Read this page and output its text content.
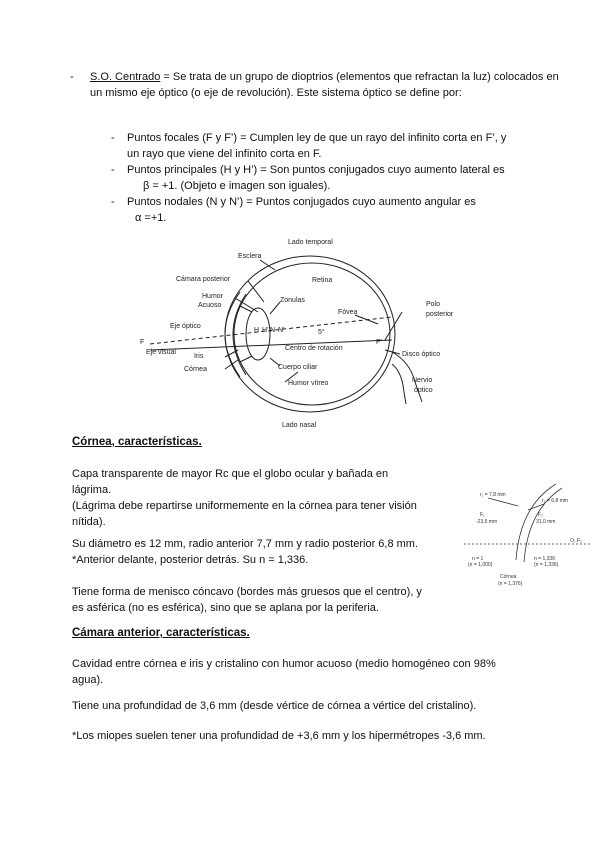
- S.O. Centrado = Se trata de un grupo de dioptrios (elementos que refractan la luz) colocados en un mismo eje óptico (o eje de revolución). Este sistema óptico se define por:
- Puntos focales (F y F’) = Cumplen ley de que un rayo del infinito corta en F’, y
un rayo que viene del infinito corta en F.
- Puntos principales (H y H’) = Son puntos conjugados cuyo aumento lateral es
β = +1. (Objeto e imagen son iguales).
- Puntos nodales (N y N’) = Puntos conjugados cuyo aumento angular es
α =+1.
Lado temporal
Esclera
Cámara posterior	Retina
Humor
Acuoso
Zonulas
Fóvea
Polo
posterior
Eje óptico
F
Eje visual
H H’ N N’	5°
F’
Centro de rotación
Disco óptico
Iris
Córnea	Cuerpo ciliar
Humor vítreo	Nervio
óptico
Lado nasal

Córnea, características.

Capa transparente de mayor Rc que el globo ocular y bañada en
lágrima.
(Lágrima debe repartirse uniformemente en la córnea para tener visión
nítida).
Su diámetro es 12 mm, radio anterior 7,7 mm y radio posterior 6,8 mm.
*Anterior delante, posterior detrás. Su n = 1,336.
Tiene forma de menisco cóncavo (bordes más gruesos que el centro), y
es asférica (no es esférica), sino que se aplana por la periferia.
r₁ = 7,8 mm
r₂ = 6,8 mm
F₁
-23,5 mm
F₂
31,0 mm
O₁ F₂
n = 1
(n = 1,000)
n = 1,336
(n = 1,336)
Córnea
(n = 1,376)

Cámara anterior, características.

Cavidad entre córnea e iris y cristalino con humor acuoso (medio homogéneo con 98%
agua).
Tiene una profundidad de 3,6 mm (desde vértice de córnea a vértice del cristalino).
*Los miopes suelen tener una profundidad de +3,6 mm y los hipermétropes -3,6 mm.
